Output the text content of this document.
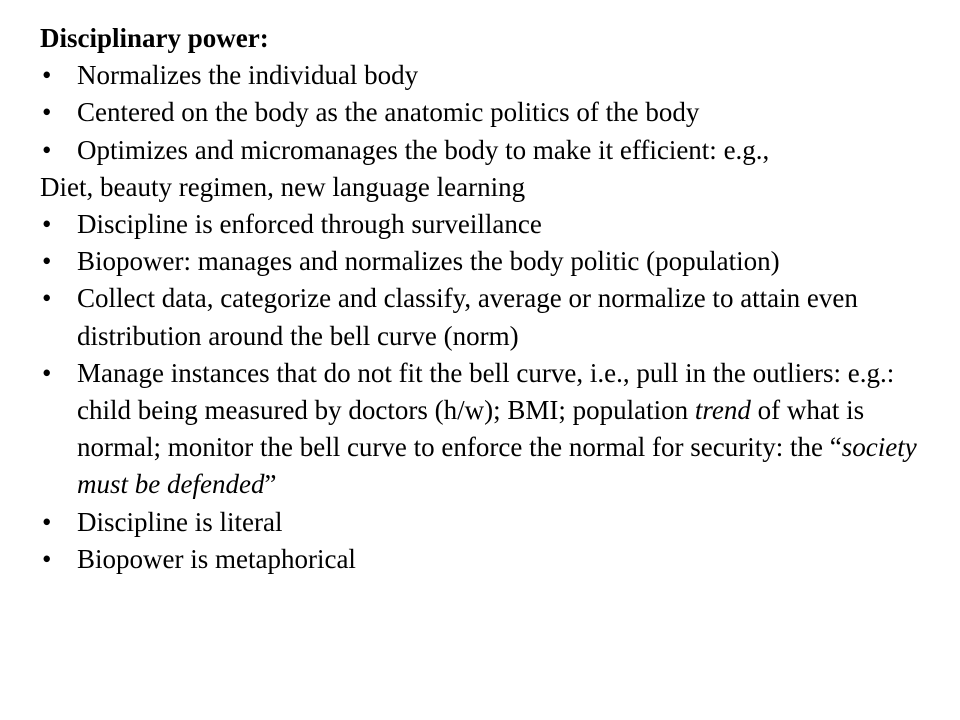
Disciplinary power:

• Normalizes the individual body

• Centered on the body as the anatomic politics of the body

• Optimizes and micromanages the body to make it efficient: e.g.,

Diet, beauty regimen, new language learning

• Discipline is enforced through surveillance

• Biopower: manages and normalizes the body politic (population)

• Collect data, categorize and classify, average or normalize to attain even distribution around the bell curve (norm)

• Manage instances that do not fit the bell curve, i.e., pull in the outliers: e.g.: child being measured by doctors (h/w); BMI; population trend of what is normal; monitor the bell curve to enforce the normal for security: the “society must be defended”

• Discipline is literal

• Biopower is metaphorical
